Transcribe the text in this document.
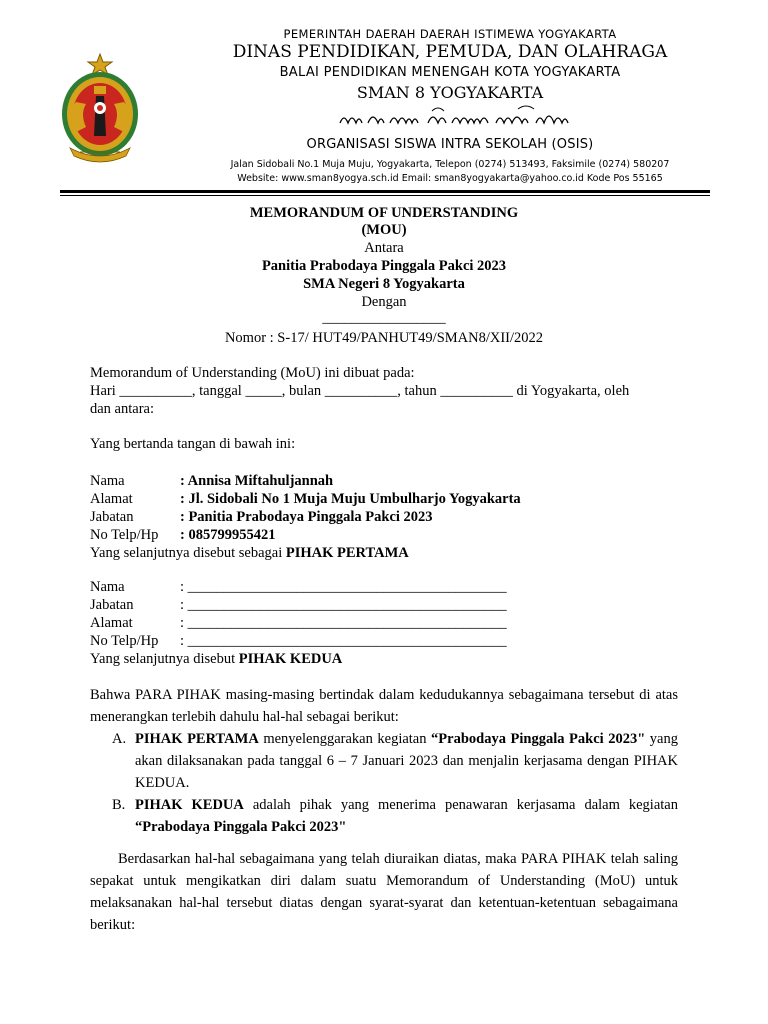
PEMERINTAH DAERAH DAERAH ISTIMEWA YOGYAKARTA
DINAS PENDIDIKAN, PEMUDA, DAN OLAHRAGA
BALAI PENDIDIKAN MENENGAH KOTA YOGYAKARTA
SMAN 8 YOGYAKARTA
ORGANISASI SISWA INTRA SEKOLAH (OSIS)
Jalan Sidobali No.1 Muja Muju, Yogyakarta, Telepon (0274) 513493, Faksimile (0274) 580207
Website: www.sman8yogya.sch.id Email: sman8yogyakarta@yahoo.co.id Kode Pos 55165
MEMORANDUM OF UNDERSTANDING
(MOU)
Antara
Panitia Prabodaya Pinggala Pakci 2023
SMA Negeri 8 Yogyakarta
Dengan
_________________
Nomor : S-17/ HUT49/PANHUT49/SMAN8/XII/2022
Memorandum of Understanding (MoU) ini dibuat pada:
Hari __________, tanggal _____, bulan __________, tahun __________ di Yogyakarta, oleh
dan antara:
Yang bertanda tangan di bawah ini:
Nama	: Annisa Miftahuljannah
Alamat	: Jl. Sidobali No 1 Muja Muju Umbulharjo Yogyakarta
Jabatan	: Panitia Prabodaya Pinggala Pakci 2023
No Telp/Hp : 085799955421
Yang selanjutnya disebut sebagai PIHAK PERTAMA
Nama	: ____________________________________________
Jabatan	: ____________________________________________
Alamat	: ____________________________________________
No Telp/Hp : ____________________________________________
Yang selanjutnya disebut PIHAK KEDUA
Bahwa PARA PIHAK masing-masing bertindak dalam kedudukannya sebagaimana tersebut di atas menerangkan terlebih dahulu hal-hal sebagai berikut:
A. PIHAK PERTAMA menyelenggarakan kegiatan “Prabodaya Pinggala Pakci 2023" yang akan dilaksanakan pada tanggal 6 – 7 Januari 2023 dan menjalin kerjasama dengan PIHAK KEDUA.
B. PIHAK KEDUA adalah pihak yang menerima penawaran kerjasama dalam kegiatan “Prabodaya Pinggala Pakci 2023"
Berdasarkan hal-hal sebagaimana yang telah diuraikan diatas, maka PARA PIHAK telah saling sepakat untuk mengikatkan diri dalam suatu Memorandum of Understanding (MoU) untuk melaksanakan hal-hal tersebut diatas dengan syarat-syarat dan ketentuan-ketentuan sebagaimana berikut:
